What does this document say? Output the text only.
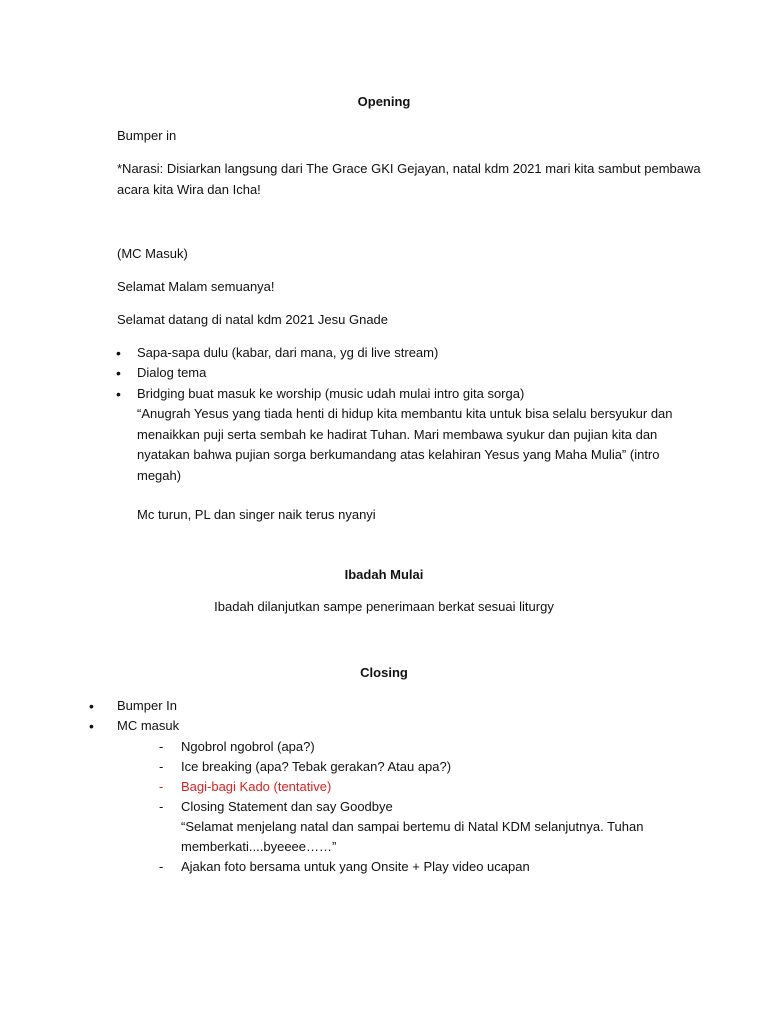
Opening

Bumper in

*Narasi: Disiarkan langsung dari The Grace GKI Gejayan, natal kdm 2021 mari kita sambut pembawa

acara kita Wira dan Icha!

(MC Masuk)

Selamat Malam semuanya!

Selamat datang di natal kdm 2021 Jesu Gnade

• Sapa-sapa dulu (kabar, dari mana, yg di live stream)

• Dialog tema

• Bridging buat masuk ke worship (music udah mulai intro gita sorga)

“Anugrah Yesus yang tiada henti di hidup kita membantu kita untuk bisa selalu bersyukur dan

menaikkan puji serta sembah ke hadirat Tuhan. Mari membawa syukur dan pujian kita dan

nyatakan bahwa pujian sorga berkumandang atas kelahiran Yesus yang Maha Mulia” (intro

megah)

Mc turun, PL dan singer naik terus nyanyi

Ibadah Mulai

Ibadah dilanjutkan sampe penerimaan berkat sesuai liturgy

Closing

• Bumper In

• MC masuk

- Ngobrol ngobrol (apa?)

- Ice breaking (apa? Tebak gerakan? Atau apa?)

- Bagi-bagi Kado (tentative)

- Closing Statement dan say Goodbye

“Selamat menjelang natal dan sampai bertemu di Natal KDM selanjutnya. Tuhan

memberkati....byeeee……”

- Ajakan foto bersama untuk yang Onsite + Play video ucapan
